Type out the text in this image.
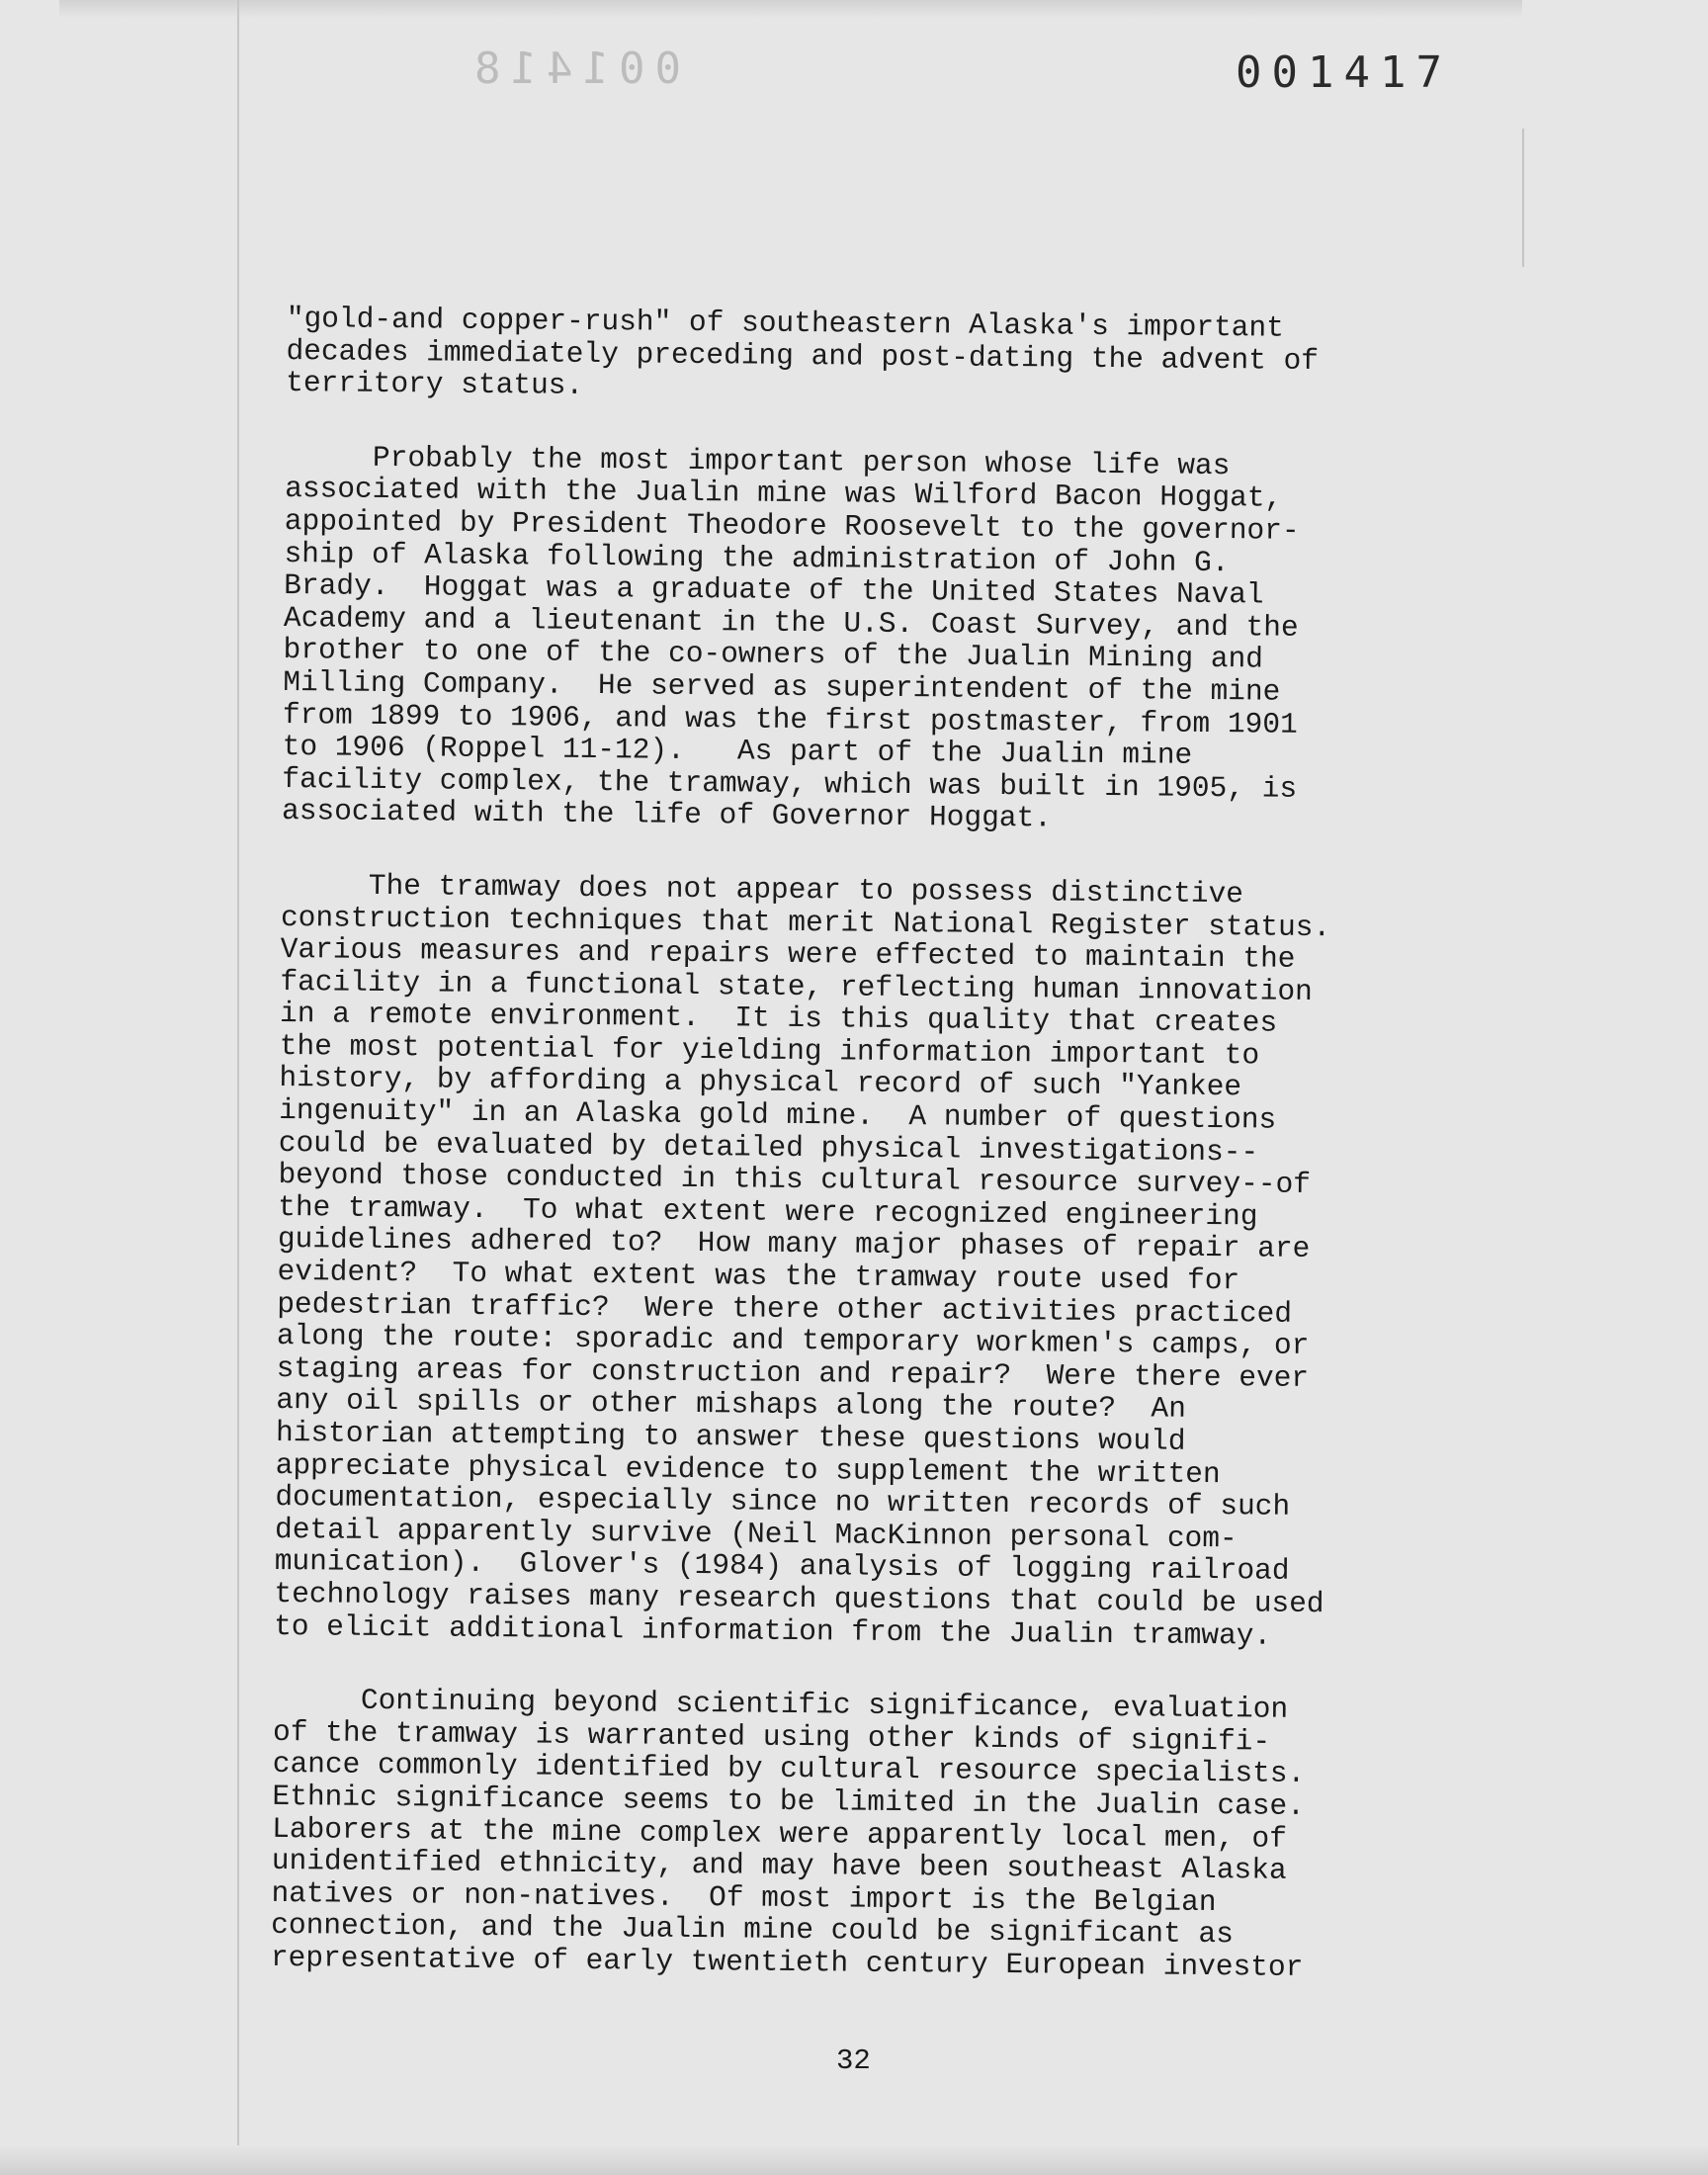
001418	001417

"gold-and copper-rush" of southeastern Alaska's important
decades immediately preceding and post-dating the advent of
territory status.

Probably the most important person whose life was
associated with the Jualin mine was Wilford Bacon Hoggat,
appointed by President Theodore Roosevelt to the governor-
ship of Alaska following the administration of John G.
Brady.  Hoggat was a graduate of the United States Naval
Academy and a lieutenant in the U.S. Coast Survey, and the
brother to one of the co-owners of the Jualin Mining and
Milling Company.  He served as superintendent of the mine
from 1899 to 1906, and was the first postmaster, from 1901
to 1906 (Roppel 11-12).   As part of the Jualin mine
facility complex, the tramway, which was built in 1905, is
associated with the life of Governor Hoggat.

The tramway does not appear to possess distinctive
construction techniques that merit National Register status.
Various measures and repairs were effected to maintain the
facility in a functional state, reflecting human innovation
in a remote environment.  It is this quality that creates
the most potential for yielding information important to
history, by affording a physical record of such "Yankee
ingenuity" in an Alaska gold mine.  A number of questions
could be evaluated by detailed physical investigations--
beyond those conducted in this cultural resource survey--of
the tramway.  To what extent were recognized engineering
guidelines adhered to?  How many major phases of repair are
evident?  To what extent was the tramway route used for
pedestrian traffic?  Were there other activities practiced
along the route: sporadic and temporary workmen's camps, or
staging areas for construction and repair?  Were there ever
any oil spills or other mishaps along the route?  An
historian attempting to answer these questions would
appreciate physical evidence to supplement the written
documentation, especially since no written records of such
detail apparently survive (Neil MacKinnon personal com-
munication).  Glover's (1984) analysis of logging railroad
technology raises many research questions that could be used
to elicit additional information from the Jualin tramway.

Continuing beyond scientific significance, evaluation
of the tramway is warranted using other kinds of signifi-
cance commonly identified by cultural resource specialists.
Ethnic significance seems to be limited in the Jualin case.
Laborers at the mine complex were apparently local men, of
unidentified ethnicity, and may have been southeast Alaska
natives or non-natives.  Of most import is the Belgian
connection, and the Jualin mine could be significant as
representative of early twentieth century European investor

32
